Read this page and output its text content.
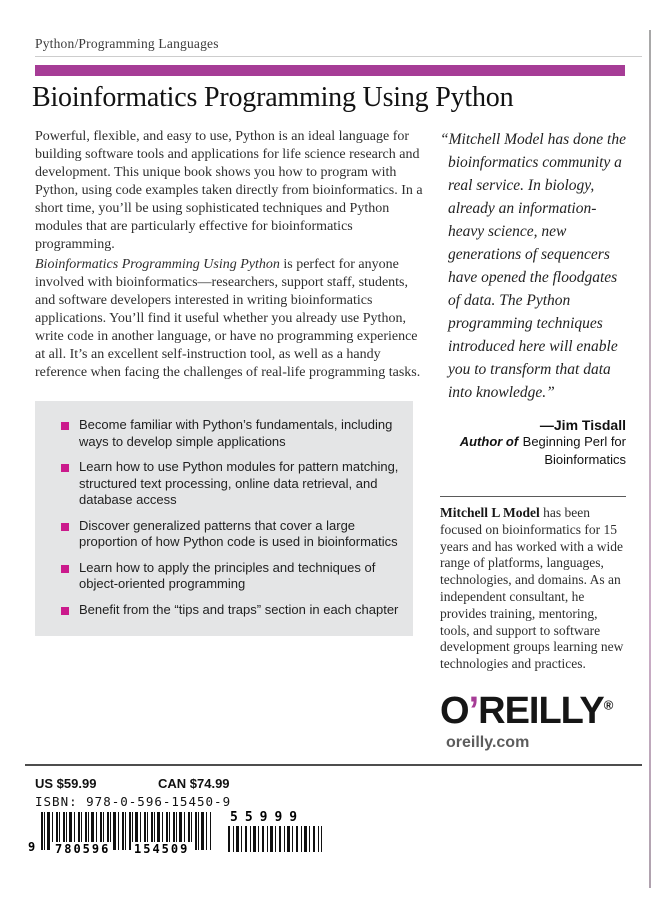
Python/Programming Languages
Bioinformatics Programming Using Python

Powerful, flexible, and easy to use, Python is an ideal language for building software tools and applications for life science research and development. This unique book shows you how to program with Python, using code examples taken directly from bioinformatics. In a short time, you’ll be using sophisticated techniques and Python modules that are particularly effective for bioinformatics programming.

Bioinformatics Programming Using Python is perfect for anyone involved with bioinformatics—researchers, support staff, students, and software developers interested in writing bioinformatics applications. You’ll find it useful whether you already use Python, write code in another language, or have no programming experience at all. It’s an excellent self-instruction tool, as well as a handy reference when facing the challenges of real-life programming tasks.

Become familiar with Python’s fundamentals, including ways to develop simple applications
Learn how to use Python modules for pattern matching, structured text processing, online data retrieval, and database access
Discover generalized patterns that cover a large proportion of how Python code is used in bioinformatics
Learn how to apply the principles and techniques of object-oriented programming
Benefit from the “tips and traps” section in each chapter

“Mitchell Model has done the bioinformatics community a real service. In biology, already an information-heavy science, new generations of sequencers have opened the floodgates of data. The Python programming techniques introduced here will enable you to transform that data into knowledge.”

—Jim Tisdall
Author of Beginning Perl for Bioinformatics

Mitchell L Model has been focused on bioinformatics for 15 years and has worked with a wide range of platforms, languages, technologies, and domains. As an independent consultant, he provides training, mentoring, tools, and support to software development groups learning new technologies and practices.

O’REILLY®
oreilly.com
US $59.99	CAN $74.99
ISBN: 978-0-596-15450-9
9 780596 154509
55999
